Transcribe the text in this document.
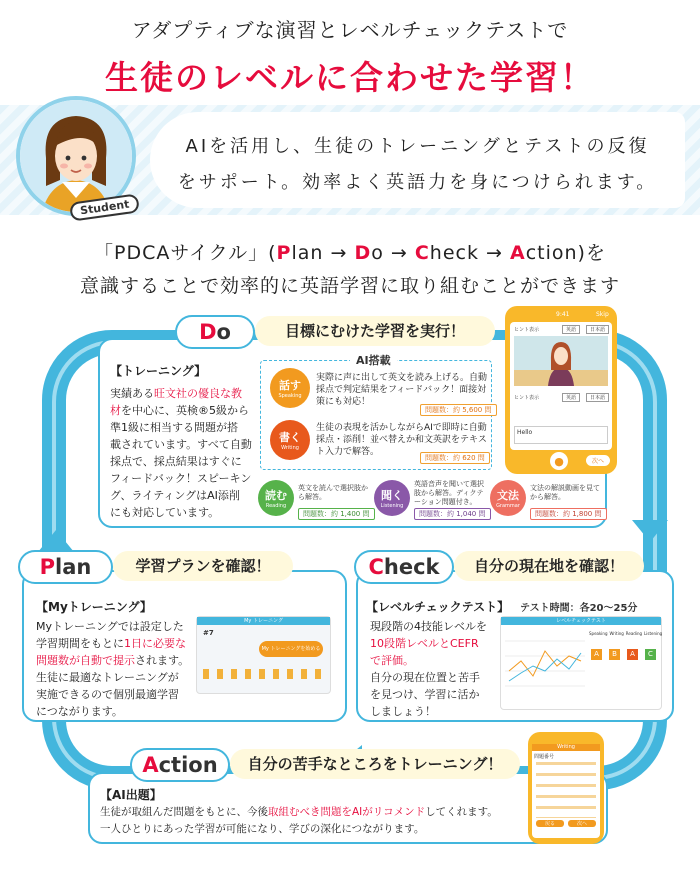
アダプティブな演習とレベルチェックテストで
生徒のレベルに合わせた学習！
Student
AIを活用し、生徒のトレーニングとテストの反復
をサポート。効率よく英語力を身につけられます。
「PDCAサイクル」(Plan → Do → Check → Action)を
意識することで効率的に英語学習に取り組むことができます
Do	目標にむけた学習を実行！
【トレーニング】
実績ある旺文社の優良な教
材を中心に、英検®5級から
準1級に相当する問題が搭
載されています。すべて自動
採点で、採点結果はすぐに
フィードバック！スピーキン
グ、ライティングはAI添削
にも対応しています。
AI搭載
話す
Speaking
実際に声に出して英文を読み上げる。自動採点で判定結果をフィードバック！面接対策にも対応！
問題数：約 5,600 問
書く
Writing
生徒の表現を活かしながらAIで即時に自動採点・添削！並べ替えか和文英訳をテキスト入力で解答。
問題数：約 620 問
読む
Reading
英文を読んで選択肢から解答。
問題数：約 1,400 問
聞く
Listening
英語音声を聞いて選択肢から解答。ディクテーション問題付き。
問題数：約 1,040 問
文法
Grammar
文法の解説動画を見てから解答。
問題数：約 1,800 問
9:41	Skip
ヒント表示	英語	日本語
ヒント表示	英語	日本語
Hello
●	次へ
Plan	学習プランを確認！
【Myトレーニング】
Myトレーニングでは設定した
学習期間をもとに1日に必要な
問題数が自動で提示されます。
生徒に最適なトレーニングが
実施できるので個別最適学習
につながります。
My トレーニング
#7
My トレーニングを始める
Check	自分の現在地を確認！
【レベルチェックテスト】 テスト時間：各20～25分
現段階の4技能レベルを
10段階レベルとCEFR
で評価。
自分の現在位置と苦手
を見つけ、学習に活か
しましょう！
レベルチェックテスト
Speaking Writing Reading Listening
A	B	A	C
Action	自分の苦手なところをトレーニング！
【AI出題】
生徒が取組んだ問題をもとに、今後取組むべき問題をAIがリコメンドしてくれます。
一人ひとりにあった学習が可能になり、学びの深化につながります。
Writing
問題番号
戻る	次へ
